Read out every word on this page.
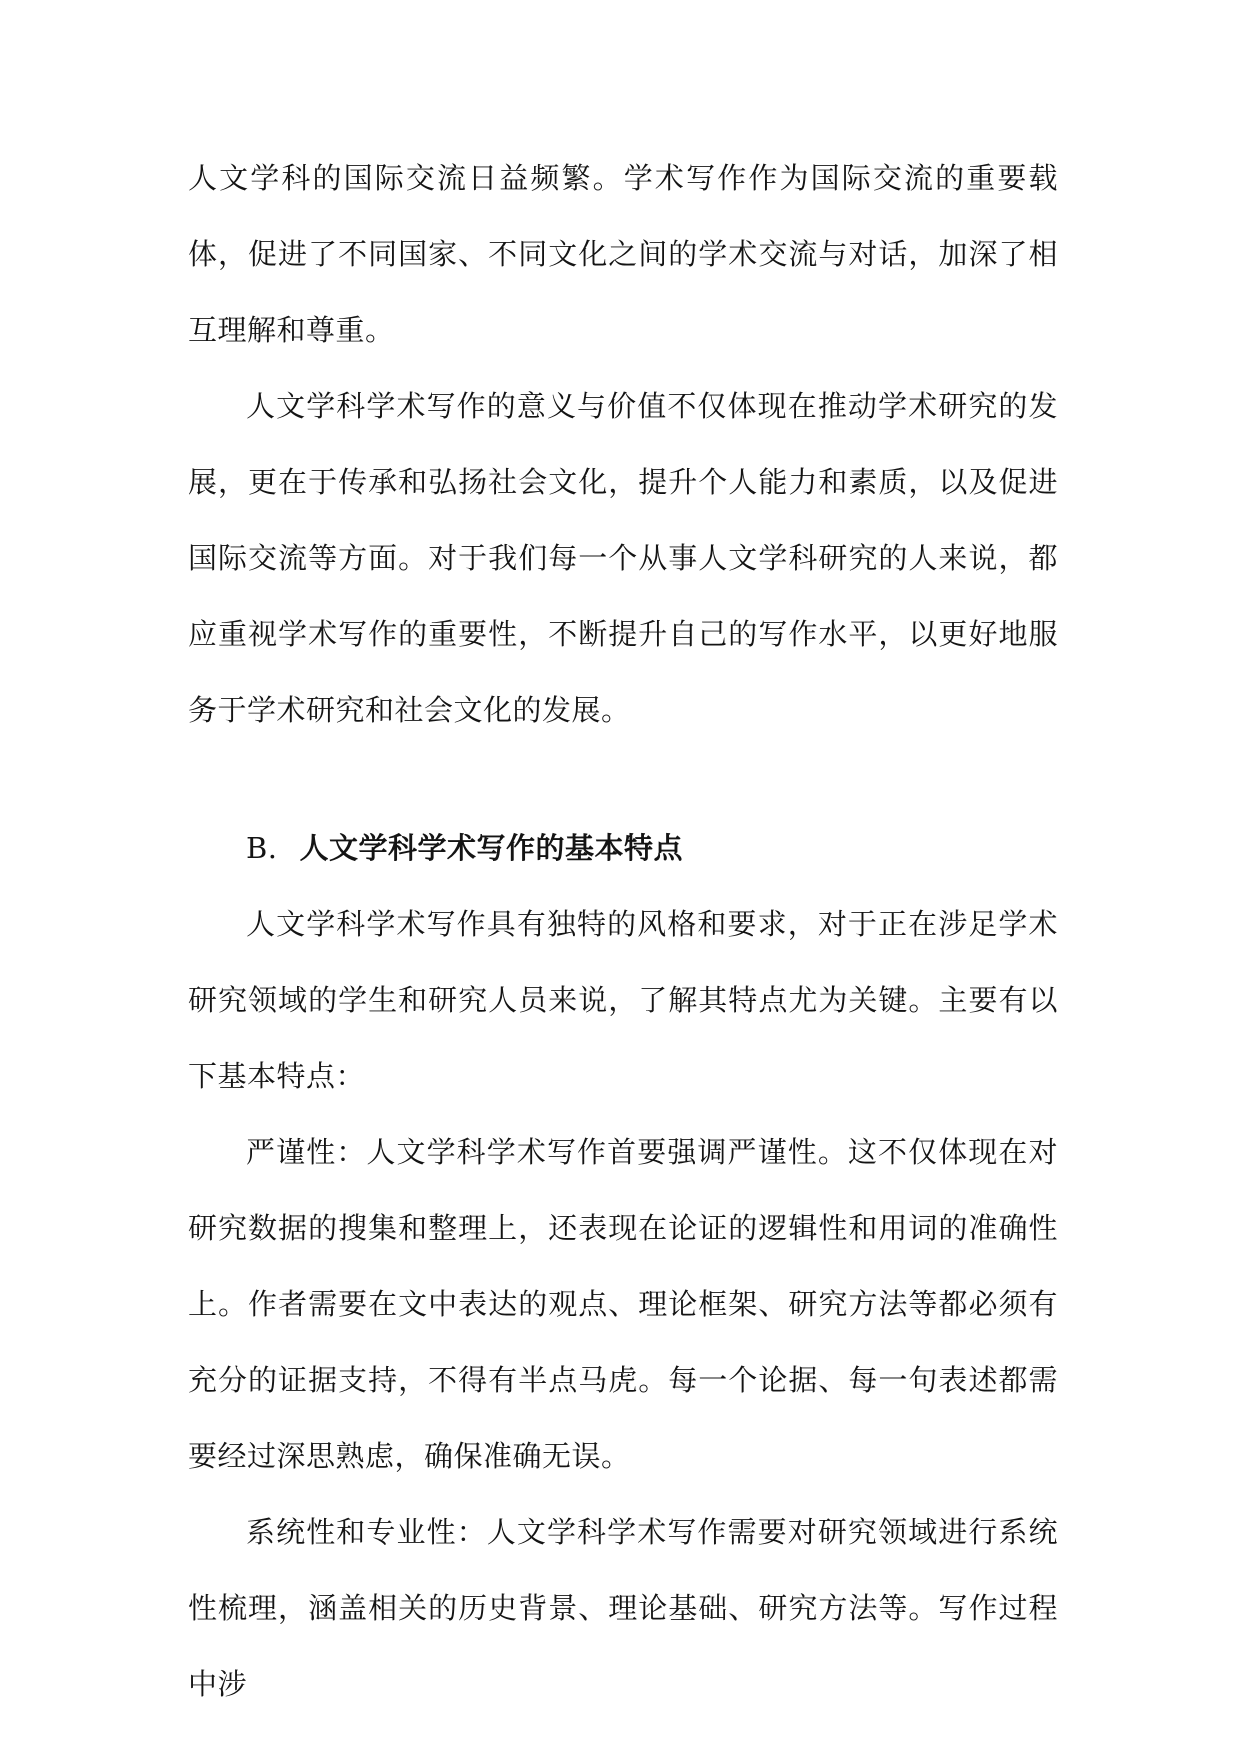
人文学科的国际交流日益频繁。学术写作作为国际交流的重要载体，促进了不同国家、不同文化之间的学术交流与对话，加深了相互理解和尊重。

人文学科学术写作的意义与价值不仅体现在推动学术研究的发展，更在于传承和弘扬社会文化，提升个人能力和素质，以及促进国际交流等方面。对于我们每一个从事人文学科研究的人来说，都应重视学术写作的重要性，不断提升自己的写作水平，以更好地服务于学术研究和社会文化的发展。

B. 人文学科学术写作的基本特点

人文学科学术写作具有独特的风格和要求，对于正在涉足学术研究领域的学生和研究人员来说，了解其特点尤为关键。主要有以下基本特点：

严谨性：人文学科学术写作首要强调严谨性。这不仅体现在对研究数据的搜集和整理上，还表现在论证的逻辑性和用词的准确性上。作者需要在文中表达的观点、理论框架、研究方法等都必须有充分的证据支持，不得有半点马虎。每一个论据、每一句表述都需要经过深思熟虑，确保准确无误。

系统性和专业性：人文学科学术写作需要对研究领域进行系统性梳理，涵盖相关的历史背景、理论基础、研究方法等。写作过程中涉
